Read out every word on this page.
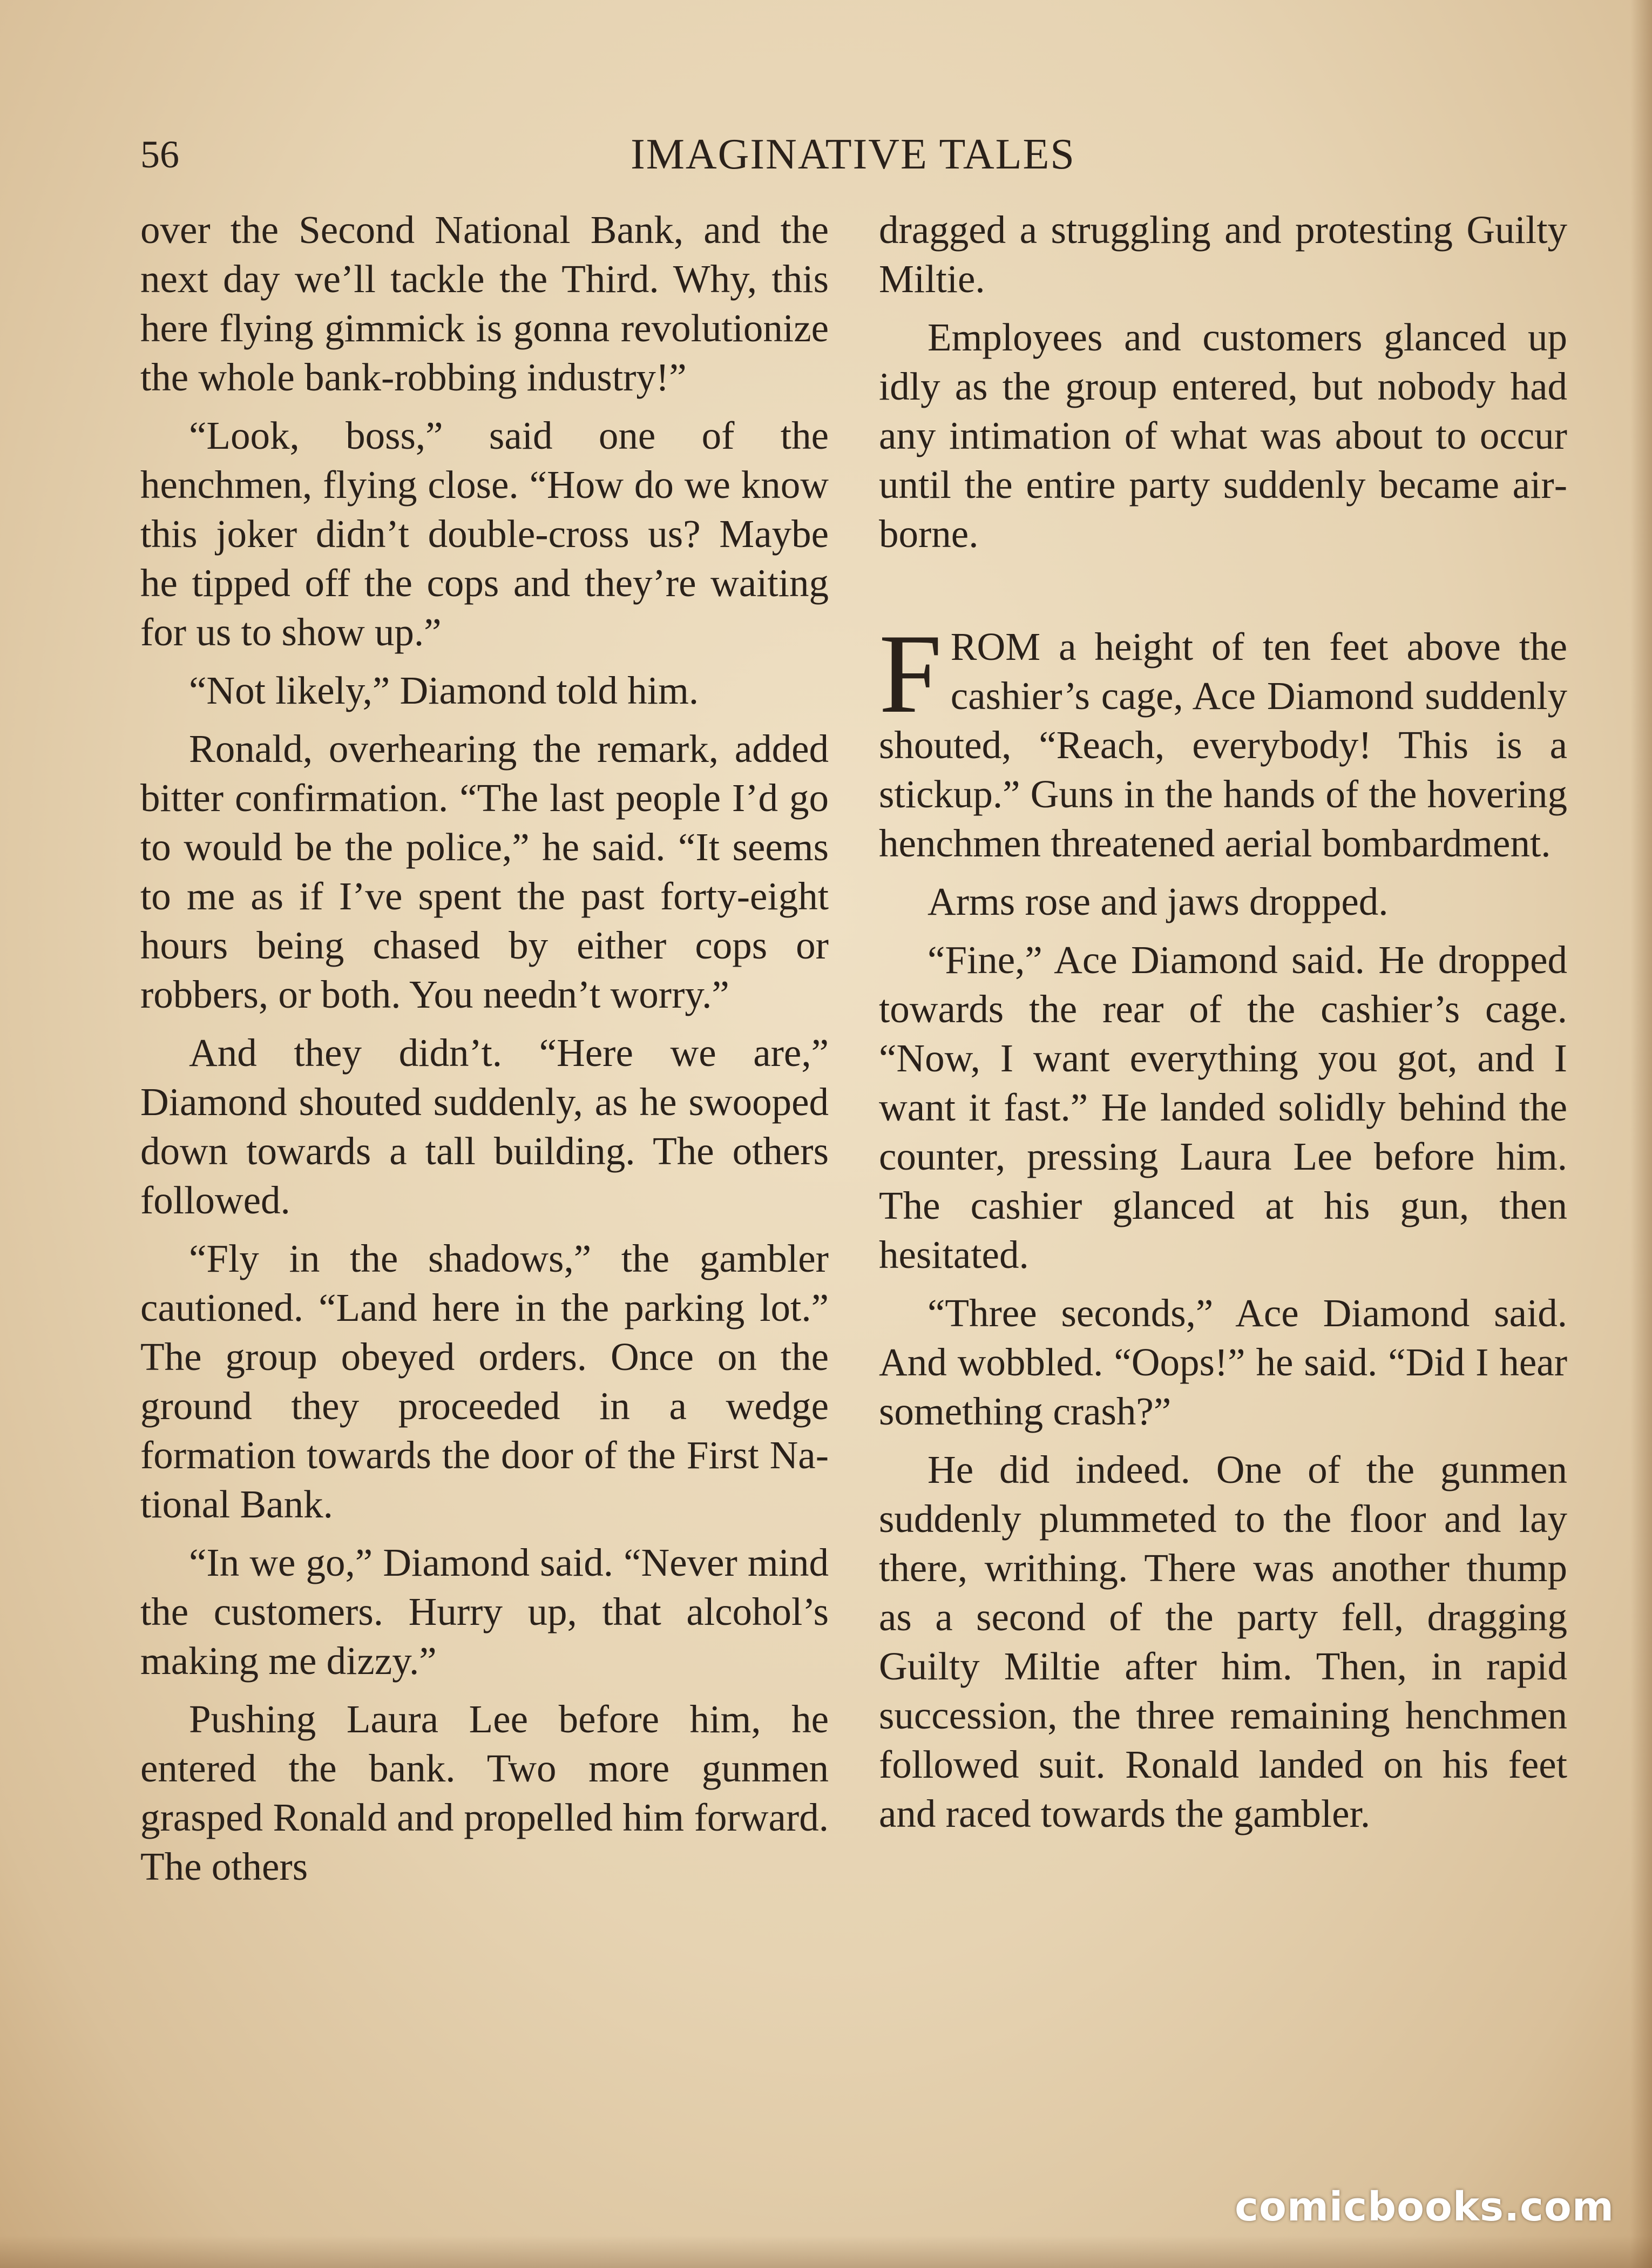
56	IMAGINATIVE TALES

over the Second National Bank, and the next day we’ll tackle the Third. Why, this here flying gimmick is gonna revolutionize the whole bank-robbing industry!”

“Look, boss,” said one of the henchmen, flying close. “How do we know this joker didn’t double-cross us? Maybe he tipped off the cops and they’re waiting for us to show up.”

“Not likely,” Diamond told him.

Ronald, overhearing the remark, added bitter confirmation. “The last people I’d go to would be the police,” he said. “It seems to me as if I’ve spent the past forty-eight hours being chased by either cops or robbers, or both. You needn’t worry.”

And they didn’t. “Here we are,” Diamond shouted suddenly, as he swooped down towards a tall building. The others followed.

“Fly in the shadows,” the gambler cautioned. “Land here in the parking lot.” The group obeyed orders. Once on the ground they proceeded in a wedge formation towards the door of the First National Bank.

“In we go,” Diamond said. “Never mind the customers. Hurry up, that alcohol’s making me dizzy.”

Pushing Laura Lee before him, he entered the bank. Two more gunmen grasped Ronald and propelled him forward. The others

dragged a struggling and protesting Guilty Miltie.

Employees and customers glanced up idly as the group entered, but nobody had any intimation of what was about to occur until the entire party suddenly became airborne.

FROM a height of ten feet above the cashier’s cage, Ace Diamond suddenly shouted, “Reach, everybody! This is a stickup.” Guns in the hands of the hovering henchmen threatened aerial bombardment.

Arms rose and jaws dropped.

“Fine,” Ace Diamond said. He dropped towards the rear of the cashier’s cage. “Now, I want everything you got, and I want it fast.” He landed solidly behind the counter, pressing Laura Lee before him. The cashier glanced at his gun, then hesitated.

“Three seconds,” Ace Diamond said. And wobbled. “Oops!” he said. “Did I hear something crash?”

He did indeed. One of the gunmen suddenly plummeted to the floor and lay there, writhing. There was another thump as a second of the party fell, dragging Guilty Miltie after him. Then, in rapid succession, the three remaining henchmen followed suit. Ronald landed on his feet and raced towards the gambler.

comicbooks.com
